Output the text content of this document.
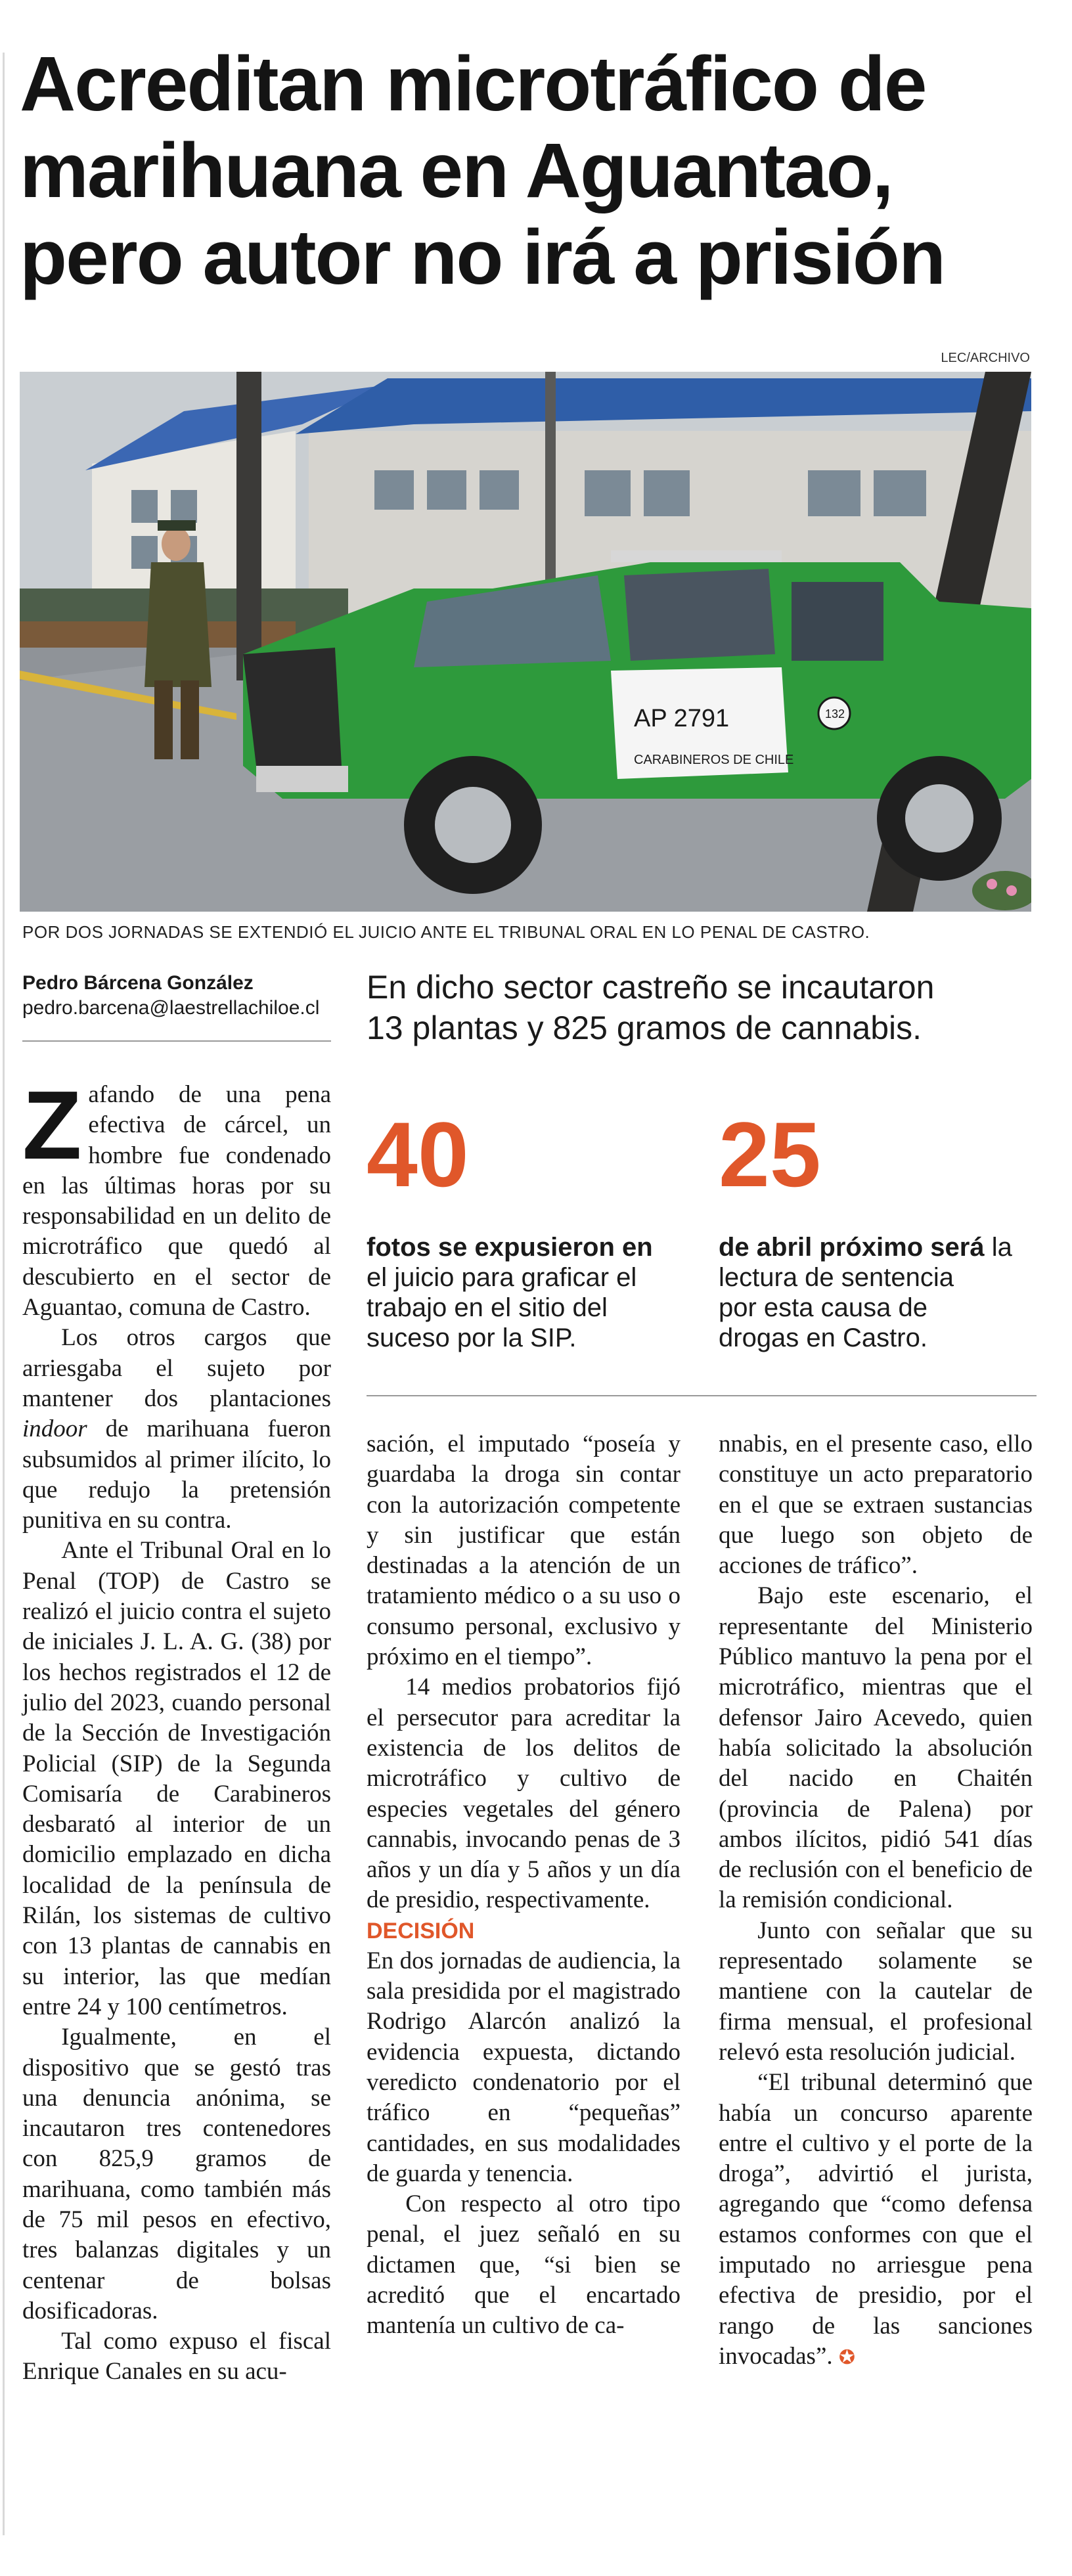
Acreditan microtráfico de
marihuana en Aguantao,
pero autor no irá a prisión
LEC/ARCHIVO
AP 2791
CARABINEROS DE CHILE
132
POR DOS JORNADAS SE EXTENDIÓ EL JUICIO ANTE EL TRIBUNAL ORAL EN LO PENAL DE CASTRO.
Pedro Bárcena González
pedro.barcena@laestrellachiloe.cl
En dicho sector castreño se incautaron
13 plantas y 825 gramos de cannabis.
40
fotos se expusieron en
el juicio para graficar el
trabajo en el sitio del
suceso por la SIP.
25
de abril próximo será la
lectura de sentencia
por esta causa de
drogas en Castro.

Zafando de una pena efectiva de cárcel, un hombre fue condenado en las últimas horas por su responsabilidad en un delito de microtráfico que quedó al descubierto en el sector de Aguantao, comuna de Castro.

Los otros cargos que arriesgaba el sujeto por mantener dos plantaciones indoor de marihuana fueron subsumidos al primer ilícito, lo que redujo la pretensión punitiva en su contra.

Ante el Tribunal Oral en lo Penal (TOP) de Castro se realizó el juicio contra el sujeto de iniciales J. L. A. G. (38) por los hechos registrados el 12 de julio del 2023, cuando personal de la Sección de Investigación Policial (SIP) de la Segunda Comisaría de Carabineros desbarató al interior de un domicilio emplazado en dicha localidad de la península de Rilán, los sistemas de cultivo con 13 plantas de cannabis en su interior, las que medían entre 24 y 100 centímetros.

Igualmente, en el dispositivo que se gestó tras una denuncia anónima, se incautaron tres contenedores con 825,9 gramos de marihuana, como también más de 75 mil pesos en efectivo, tres balanzas digitales y un centenar de bolsas dosificadoras.

Tal como expuso el fiscal Enrique Canales en su acu-

sación, el imputado “poseía y guardaba la droga sin contar con la autorización competente y sin justificar que están destinadas a la atención de un tratamiento médico o a su uso o consumo personal, exclusivo y próximo en el tiempo”.

14 medios probatorios fijó el persecutor para acreditar la existencia de los delitos de microtráfico y cultivo de especies vegetales del género cannabis, invocando penas de 3 años y un día y 5 años y un día de presidio, respectivamente.

DECISIÓN

En dos jornadas de audiencia, la sala presidida por el magistrado Rodrigo Alarcón analizó la evidencia expuesta, dictando veredicto condenatorio por el tráfico en “pequeñas” cantidades, en sus modalidades de guarda y tenencia.

Con respecto al otro tipo penal, el juez señaló en su dictamen que, “si bien se acreditó que el encartado mantenía un cultivo de ca-

nnabis, en el presente caso, ello constituye un acto preparatorio en el que se extraen sustancias que luego son objeto de acciones de tráfico”.

Bajo este escenario, el representante del Ministerio Público mantuvo la pena por el microtráfico, mientras que el defensor Jairo Acevedo, quien había solicitado la absolución del nacido en Chaitén (provincia de Palena) por ambos ilícitos, pidió 541 días de reclusión con el beneficio de la remisión condicional.

Junto con señalar que su representado solamente se mantiene con la cautelar de firma mensual, el profesional relevó esta resolución judicial.

“El tribunal determinó que había un concurso aparente entre el cultivo y el porte de la droga”, advirtió el jurista, agregando que “como defensa estamos conformes con que el imputado no arriesgue pena efectiva de presidio, por el rango de las sanciones invocadas”. ✪
